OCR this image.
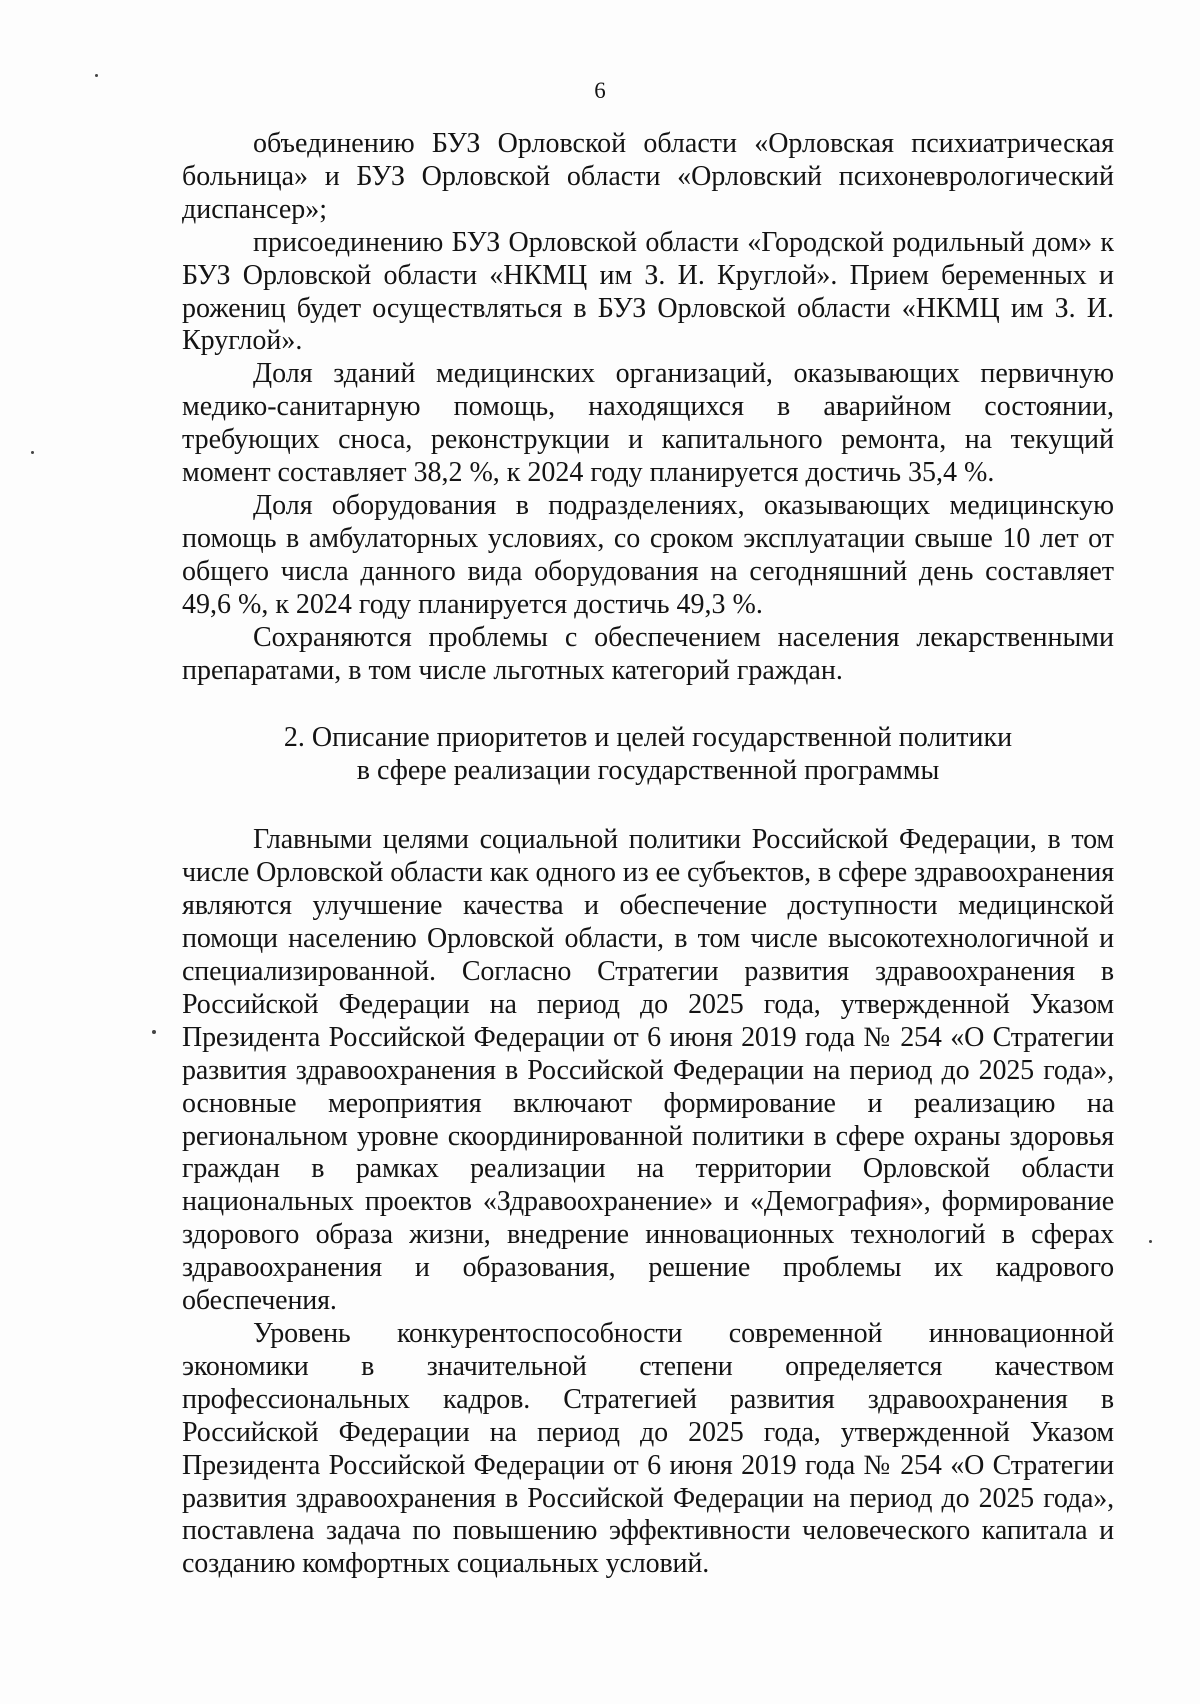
6

объединению БУЗ Орловской области «Орловская психиатрическая больница» и БУЗ Орловской области «Орловский психоневрологический диспансер»;

присоединению БУЗ Орловской области «Городской родильный дом» к БУЗ Орловской области «НКМЦ им З. И. Круглой». Прием беременных и рожениц будет осуществляться в БУЗ Орловской области «НКМЦ им З. И. Круглой».

Доля зданий медицинских организаций, оказывающих первичную медико-санитарную помощь, находящихся в аварийном состоянии, требующих сноса, реконструкции и капитального ремонта, на текущий момент составляет 38,2 %, к 2024 году планируется достичь 35,4 %.

Доля оборудования в подразделениях, оказывающих медицинскую помощь в амбулаторных условиях, со сроком эксплуатации свыше 10 лет от общего числа данного вида оборудования на сегодняшний день составляет 49,6 %, к 2024 году планируется достичь 49,3 %.

Сохраняются проблемы с обеспечением населения лекарственными препаратами, в том числе льготных категорий граждан.

2. Описание приоритетов и целей государственной политики
в сфере реализации государственной программы

Главными целями социальной политики Российской Федерации, в том числе Орловской области как одного из ее субъектов, в сфере здравоохранения являются улучшение качества и обеспечение доступности медицинской помощи населению Орловской области, в том числе высокотехнологичной и специализированной. Согласно Стратегии развития здравоохранения в Российской Федерации на период до 2025 года, утвержденной Указом Президента Российской Федерации от 6 июня 2019 года № 254 «О Стратегии развития здравоохранения в Российской Федерации на период до 2025 года», основные мероприятия включают формирование и реализацию на региональном уровне скоординированной политики в сфере охраны здоровья граждан в рамках реализации на территории Орловской области национальных проектов «Здравоохранение» и «Демография», формирование здорового образа жизни, внедрение инновационных технологий в сферах здравоохранения и образования, решение проблемы их кадрового обеспечения.

Уровень конкурентоспособности современной инновационной экономики в значительной степени определяется качеством профессиональных кадров. Стратегией развития здравоохранения в Российской Федерации на период до 2025 года, утвержденной Указом Президента Российской Федерации от 6 июня 2019 года № 254 «О Стратегии развития здравоохранения в Российской Федерации на период до 2025 года», поставлена задача по повышению эффективности человеческого капитала и созданию комфортных социальных условий.
